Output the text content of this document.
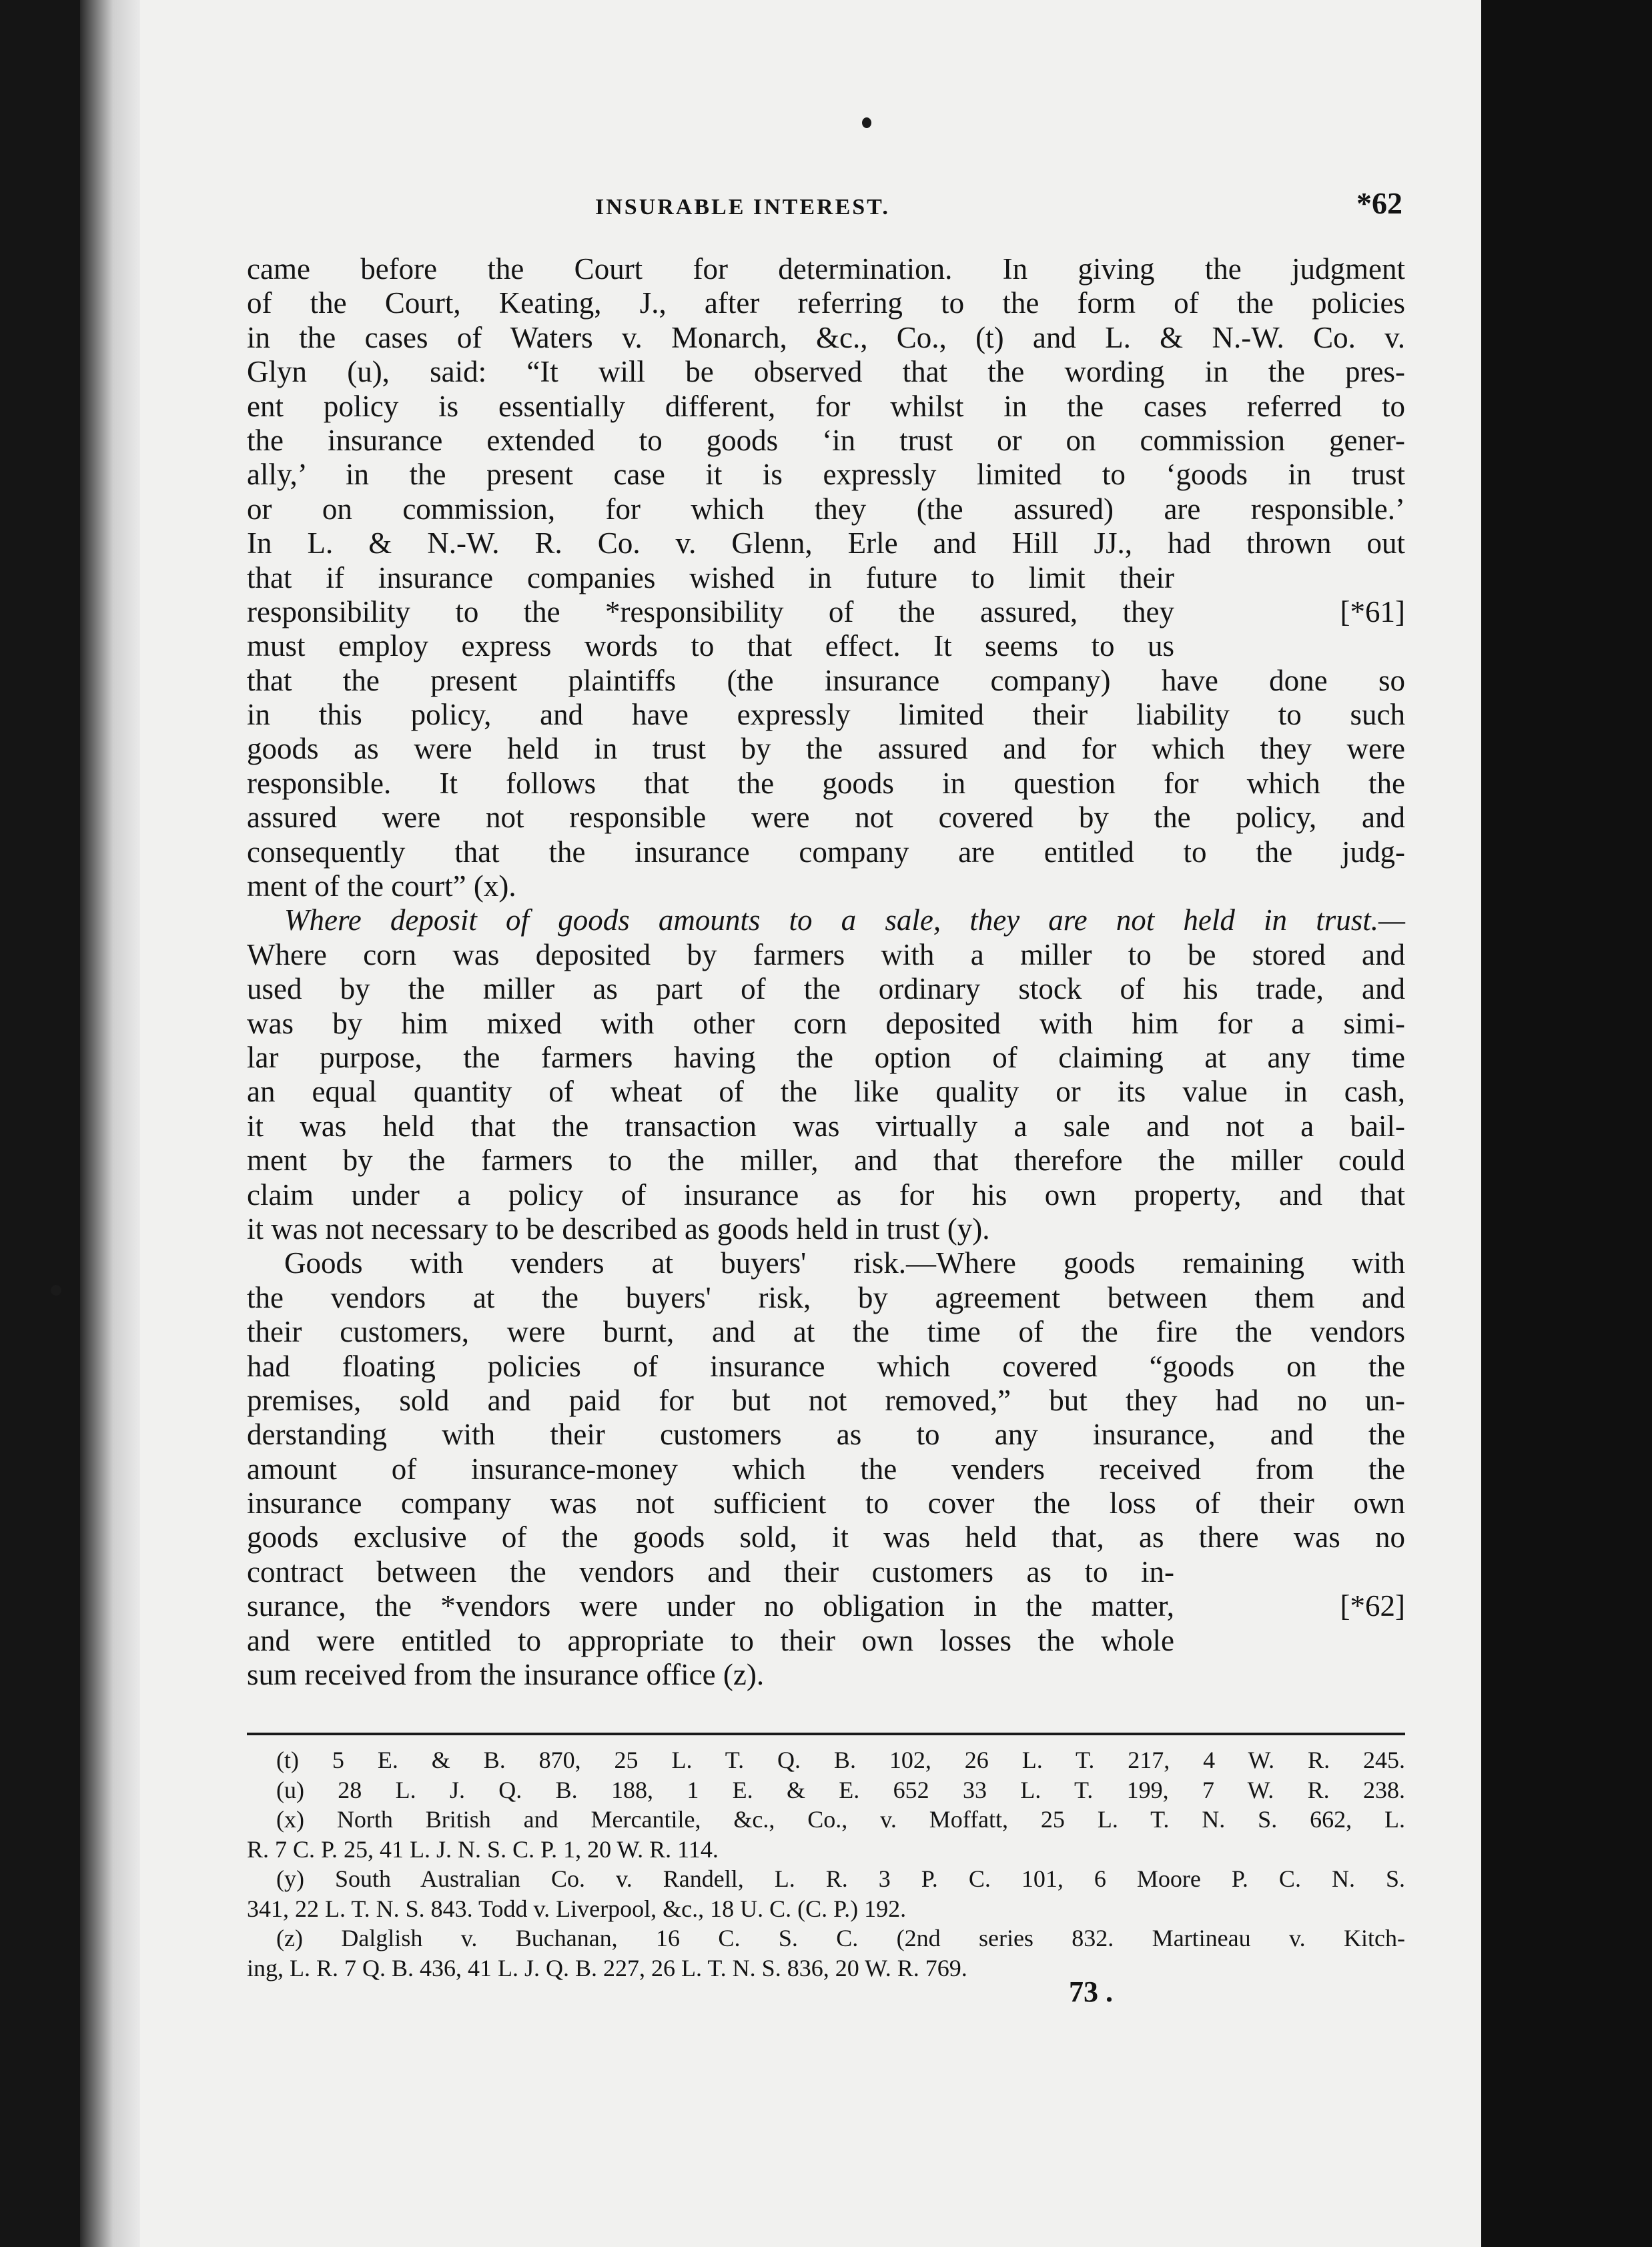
INSURABLE INTEREST.	*62
came before the Court for determination. In giving the judgment
of the Court, Keating, J., after referring to the form of the policies
in the cases of Waters v. Monarch, &c., Co., (t) and L. & N.-W. Co. v.
Glyn (u), said: “It will be observed that the wording in the pres-
ent policy is essentially different, for whilst in the cases referred to
the insurance extended to goods ‘in trust or on commission gener-
ally,’ in the present case it is expressly limited to ‘goods in trust
or on commission, for which they (the assured) are responsible.’
In L. & N.-W. R. Co. v. Glenn, Erle and Hill JJ., had thrown out
that if insurance companies wished in future to limit their
responsibility to the *responsibility of the assured, they	[*61]
must employ express words to that effect. It seems to us
that the present plaintiffs (the insurance company) have done so
in this policy, and have expressly limited their liability to such
goods as were held in trust by the assured and for which they were
responsible. It follows that the goods in question for which the
assured were not responsible were not covered by the policy, and
consequently that the insurance company are entitled to the judg-
ment of the court” (x).
Where deposit of goods amounts to a sale, they are not held in trust.—
Where corn was deposited by farmers with a miller to be stored and
used by the miller as part of the ordinary stock of his trade, and
was by him mixed with other corn deposited with him for a simi-
lar purpose, the farmers having the option of claiming at any time
an equal quantity of wheat of the like quality or its value in cash,
it was held that the transaction was virtually a sale and not a bail-
ment by the farmers to the miller, and that therefore the miller could
claim under a policy of insurance as for his own property, and that
it was not necessary to be described as goods held in trust (y).
Goods with venders at buyers' risk.—Where goods remaining with
the vendors at the buyers' risk, by agreement between them and
their customers, were burnt, and at the time of the fire the vendors
had floating policies of insurance which covered “goods on the
premises, sold and paid for but not removed,” but they had no un-
derstanding with their customers as to any insurance, and the
amount of insurance-money which the venders received from the
insurance company was not sufficient to cover the loss of their own
goods exclusive of the goods sold, it was held that, as there was no
contract between the vendors and their customers as to in-
surance, the *vendors were under no obligation in the matter,	[*62]
and were entitled to appropriate to their own losses the whole
sum received from the insurance office (z).
(t) 5 E. & B. 870, 25 L. T. Q. B. 102, 26 L. T. 217, 4 W. R. 245.
(u) 28 L. J. Q. B. 188, 1 E. & E. 652 33 L. T. 199, 7 W. R. 238.
(x) North British and Mercantile, &c., Co., v. Moffatt, 25 L. T. N. S. 662, L.
R. 7 C. P. 25, 41 L. J. N. S. C. P. 1, 20 W. R. 114.
(y) South Australian Co. v. Randell, L. R. 3 P. C. 101, 6 Moore P. C. N. S.
341, 22 L. T. N. S. 843. Todd v. Liverpool, &c., 18 U. C. (C. P.) 192.
(z) Dalglish v. Buchanan, 16 C. S. C. (2nd series 832. Martineau v. Kitch-
ing, L. R. 7 Q. B. 436, 41 L. J. Q. B. 227, 26 L. T. N. S. 836, 20 W. R. 769.
73 .
